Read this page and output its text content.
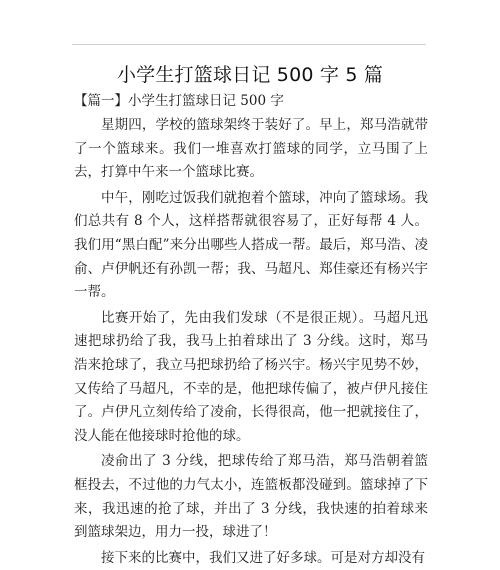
小学生打篮球日记 500 字 5 篇
【篇一】小学生打篮球日记 500 字

星期四，学校的篮球架终于装好了。早上，郑马浩就带了一个篮球来。我们一堆喜欢打篮球的同学，立马围了上去，打算中午来一个篮球比赛。

中午，刚吃过饭我们就抱着个篮球，冲向了篮球场。我们总共有 8 个人，这样搭帮就很容易了，正好每帮 4 人。我们用“黑白配”来分出哪些人搭成一帮。最后，郑马浩、凌俞、卢伊帆还有孙凯一帮；我、马超凡、郑佳豪还有杨兴宇一帮。

比赛开始了，先由我们发球（不是很正规）。马超凡迅速把球扔给了我，我马上拍着球出了 3 分线。这时，郑马浩来抢球了，我立马把球扔给了杨兴宇。杨兴宇见势不妙，又传给了马超凡，不幸的是，他把球传偏了，被卢伊凡接住了。卢伊凡立刻传给了凌俞，长得很高，他一把就接住了，没人能在他接球时抢他的球。

凌俞出了 3 分线，把球传给了郑马浩，郑马浩朝着篮框投去，不过他的力气太小，连篮板都没碰到。篮球掉了下来，我迅速的抢了球，并出了 3 分线，我快速的拍着球来到篮球架边，用力一投，球进了！

接下来的比赛中，我们又进了好多球。可是对方却没有
